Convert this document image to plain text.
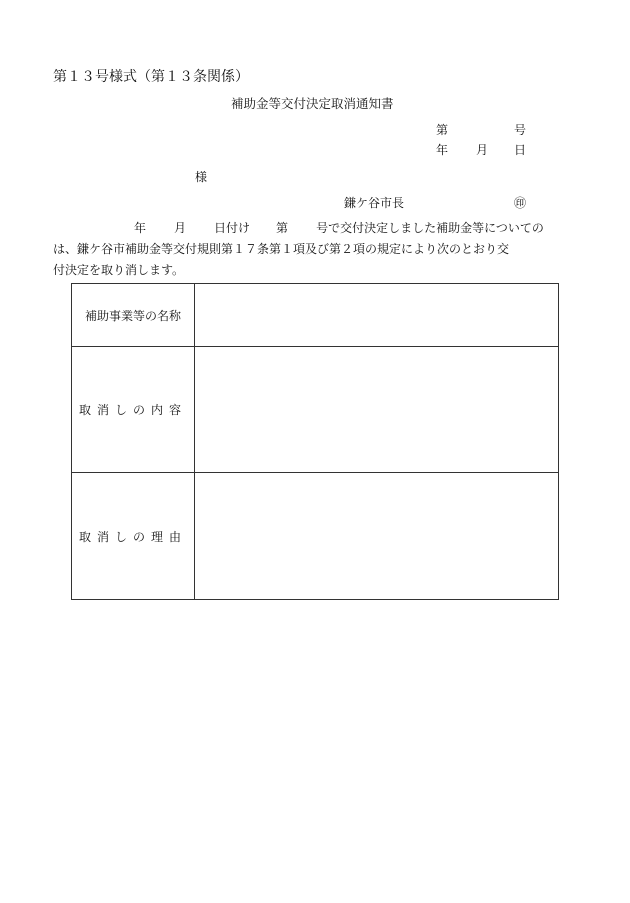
第１３号様式（第１３条関係）
補助金等交付決定取消通知書
第	号
年 月 日
様
鎌ケ谷市長	㊞
年 月 日付け 第 号で交付決定しました補助金等についての
は、鎌ケ谷市補助金等交付規則第１７条第１項及び第２項の規定により次のとおり交
付決定を取り消します。
補助事業等の名称	
取消しの内容	
取消しの理由	
